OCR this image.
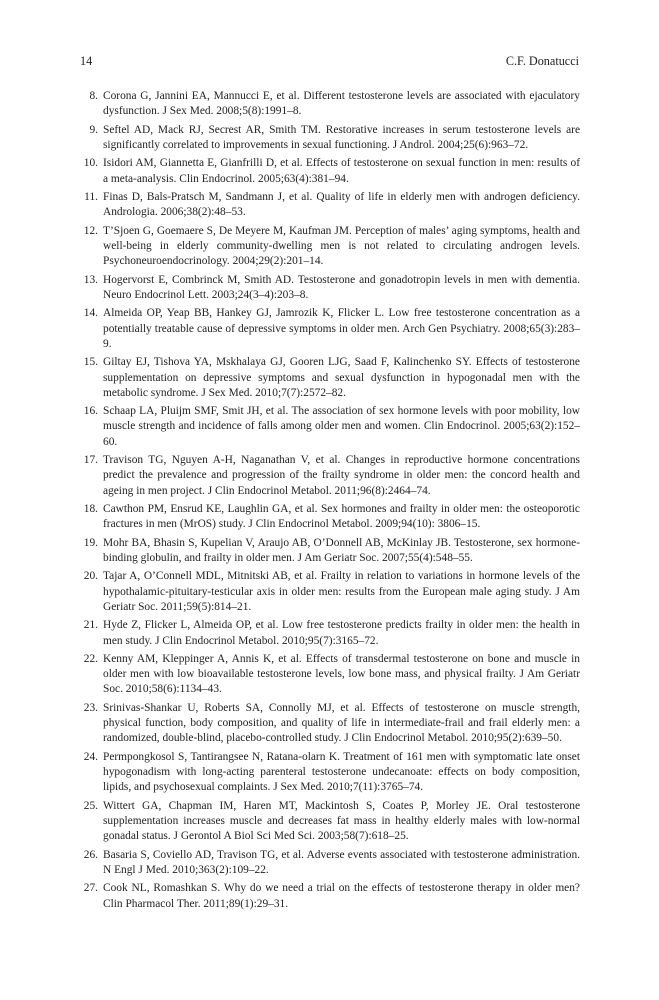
14	C.F. Donatucci
8. Corona G, Jannini EA, Mannucci E, et al. Different testosterone levels are associated with ejaculatory dysfunction. J Sex Med. 2008;5(8):1991–8.
9. Seftel AD, Mack RJ, Secrest AR, Smith TM. Restorative increases in serum testosterone levels are significantly correlated to improvements in sexual functioning. J Androl. 2004;25(6):963–72.
10. Isidori AM, Giannetta E, Gianfrilli D, et al. Effects of testosterone on sexual function in men: results of a meta-analysis. Clin Endocrinol. 2005;63(4):381–94.
11. Finas D, Bals-Pratsch M, Sandmann J, et al. Quality of life in elderly men with androgen deficiency. Andrologia. 2006;38(2):48–53.
12. T’Sjoen G, Goemaere S, De Meyere M, Kaufman JM. Perception of males’ aging symptoms, health and well-being in elderly community-dwelling men is not related to circulating androgen levels. Psychoneuroendocrinology. 2004;29(2):201–14.
13. Hogervorst E, Combrinck M, Smith AD. Testosterone and gonadotropin levels in men with dementia. Neuro Endocrinol Lett. 2003;24(3–4):203–8.
14. Almeida OP, Yeap BB, Hankey GJ, Jamrozik K, Flicker L. Low free testosterone concentration as a potentially treatable cause of depressive symptoms in older men. Arch Gen Psychiatry. 2008;65(3):283–9.
15. Giltay EJ, Tishova YA, Mskhalaya GJ, Gooren LJG, Saad F, Kalinchenko SY. Effects of testosterone supplementation on depressive symptoms and sexual dysfunction in hypogonadal men with the metabolic syndrome. J Sex Med. 2010;7(7):2572–82.
16. Schaap LA, Pluijm SMF, Smit JH, et al. The association of sex hormone levels with poor mobility, low muscle strength and incidence of falls among older men and women. Clin Endocrinol. 2005;63(2):152–60.
17. Travison TG, Nguyen A-H, Naganathan V, et al. Changes in reproductive hormone concentrations predict the prevalence and progression of the frailty syndrome in older men: the concord health and ageing in men project. J Clin Endocrinol Metabol. 2011;96(8):2464–74.
18. Cawthon PM, Ensrud KE, Laughlin GA, et al. Sex hormones and frailty in older men: the osteoporotic fractures in men (MrOS) study. J Clin Endocrinol Metabol. 2009;94(10): 3806–15.
19. Mohr BA, Bhasin S, Kupelian V, Araujo AB, O’Donnell AB, McKinlay JB. Testosterone, sex hormone-binding globulin, and frailty in older men. J Am Geriatr Soc. 2007;55(4):548–55.
20. Tajar A, O’Connell MDL, Mitnitski AB, et al. Frailty in relation to variations in hormone levels of the hypothalamic-pituitary-testicular axis in older men: results from the European male aging study. J Am Geriatr Soc. 2011;59(5):814–21.
21. Hyde Z, Flicker L, Almeida OP, et al. Low free testosterone predicts frailty in older men: the health in men study. J Clin Endocrinol Metabol. 2010;95(7):3165–72.
22. Kenny AM, Kleppinger A, Annis K, et al. Effects of transdermal testosterone on bone and muscle in older men with low bioavailable testosterone levels, low bone mass, and physical frailty. J Am Geriatr Soc. 2010;58(6):1134–43.
23. Srinivas-Shankar U, Roberts SA, Connolly MJ, et al. Effects of testosterone on muscle strength, physical function, body composition, and quality of life in intermediate-frail and frail elderly men: a randomized, double-blind, placebo-controlled study. J Clin Endocrinol Metabol. 2010;95(2):639–50.
24. Permpongkosol S, Tantirangsee N, Ratana-olarn K. Treatment of 161 men with symptomatic late onset hypogonadism with long-acting parenteral testosterone undecanoate: effects on body composition, lipids, and psychosexual complaints. J Sex Med. 2010;7(11):3765–74.
25. Wittert GA, Chapman IM, Haren MT, Mackintosh S, Coates P, Morley JE. Oral testosterone supplementation increases muscle and decreases fat mass in healthy elderly males with low-normal gonadal status. J Gerontol A Biol Sci Med Sci. 2003;58(7):618–25.
26. Basaria S, Coviello AD, Travison TG, et al. Adverse events associated with testosterone administration. N Engl J Med. 2010;363(2):109–22.
27. Cook NL, Romashkan S. Why do we need a trial on the effects of testosterone therapy in older men? Clin Pharmacol Ther. 2011;89(1):29–31.
